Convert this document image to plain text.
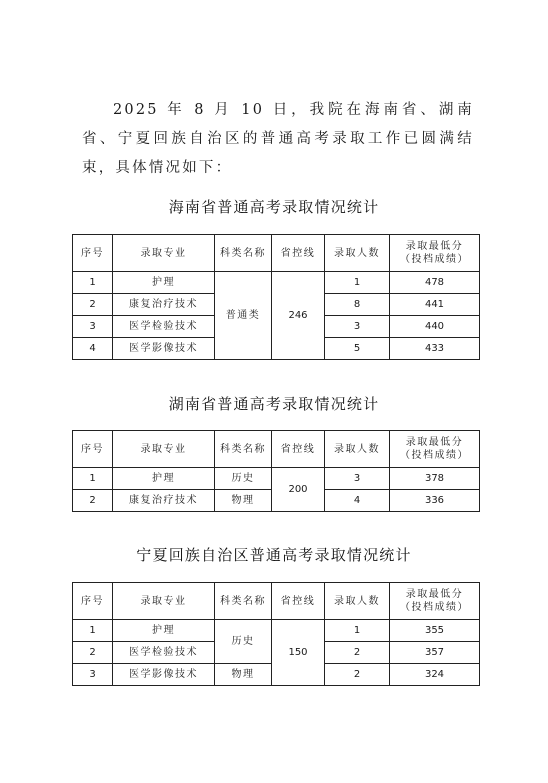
2025 年 8 月 10 日，我院在海南省、湖南省、宁夏回族自治区的普通高考录取工作已圆满结束，具体情况如下：
海南省普通高考录取情况统计
序号	录取专业	科类名称	省控线	录取人数	录取最低分
（投档成绩）
1	护理	普通类	246	1	478
2	康复治疗技术			8	441
3	医学检验技术			3	440
4	医学影像技术			5	433
湖南省普通高考录取情况统计
序号	录取专业	科类名称	省控线	录取人数	录取最低分
（投档成绩）
1	护理	历史	200	3	378
2	康复治疗技术	物理		4	336
宁夏回族自治区普通高考录取情况统计
序号	录取专业	科类名称	省控线	录取人数	录取最低分
（投档成绩）
1	护理	历史	150	1	355
2	医学检验技术			2	357
3	医学影像技术	物理		2	324
